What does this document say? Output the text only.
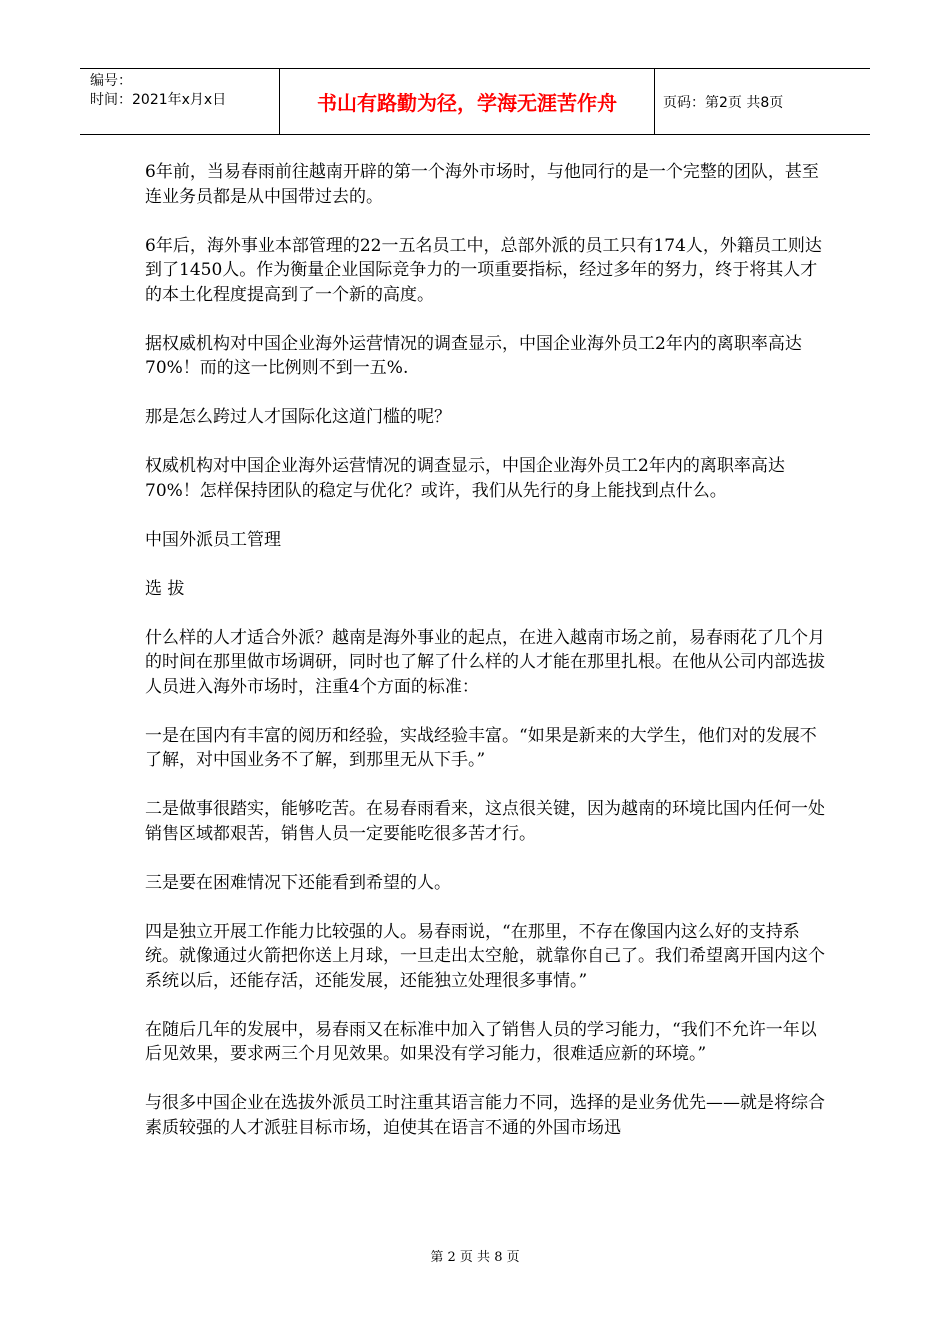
编号：
时间：2021年x月x日	书山有路勤为径，学海无涯苦作舟	页码：第2页 共8页

6年前，当易春雨前往越南开辟的第一个海外市场时，与他同行的是一个完整的团队，甚至连业务员都是从中国带过去的。

6年后，海外事业本部管理的22一五名员工中，总部外派的员工只有174人，外籍员工则达到了1450人。作为衡量企业国际竞争力的一项重要指标，经过多年的努力，终于将其人才的本土化程度提高到了一个新的高度。

据权威机构对中国企业海外运营情况的调查显示，中国企业海外员工2年内的离职率高达70%！而的这一比例则不到一五%.

那是怎么跨过人才国际化这道门槛的呢？

权威机构对中国企业海外运营情况的调查显示，中国企业海外员工2年内的离职率高达70%！怎样保持团队的稳定与优化？或许，我们从先行的身上能找到点什么。

中国外派员工管理

选 拔

什么样的人才适合外派？越南是海外事业的起点，在进入越南市场之前，易春雨花了几个月的时间在那里做市场调研，同时也了解了什么样的人才能在那里扎根。在他从公司内部选拔人员进入海外市场时，注重4个方面的标准：

一是在国内有丰富的阅历和经验，实战经验丰富。“如果是新来的大学生，他们对的发展不了解，对中国业务不了解，到那里无从下手。”

二是做事很踏实，能够吃苦。在易春雨看来，这点很关键，因为越南的环境比国内任何一处销售区域都艰苦，销售人员一定要能吃很多苦才行。

三是要在困难情况下还能看到希望的人。

四是独立开展工作能力比较强的人。易春雨说，“在那里，不存在像国内这么好的支持系统。就像通过火箭把你送上月球，一旦走出太空舱，就靠你自己了。我们希望离开国内这个系统以后，还能存活，还能发展，还能独立处理很多事情。”

在随后几年的发展中，易春雨又在标准中加入了销售人员的学习能力，“我们不允许一年以后见效果，要求两三个月见效果。如果没有学习能力，很难适应新的环境。”

与很多中国企业在选拔外派员工时注重其语言能力不同，选择的是业务优先——就是将综合素质较强的人才派驻目标市场，迫使其在语言不通的外国市场迅

第 2 页 共 8 页
